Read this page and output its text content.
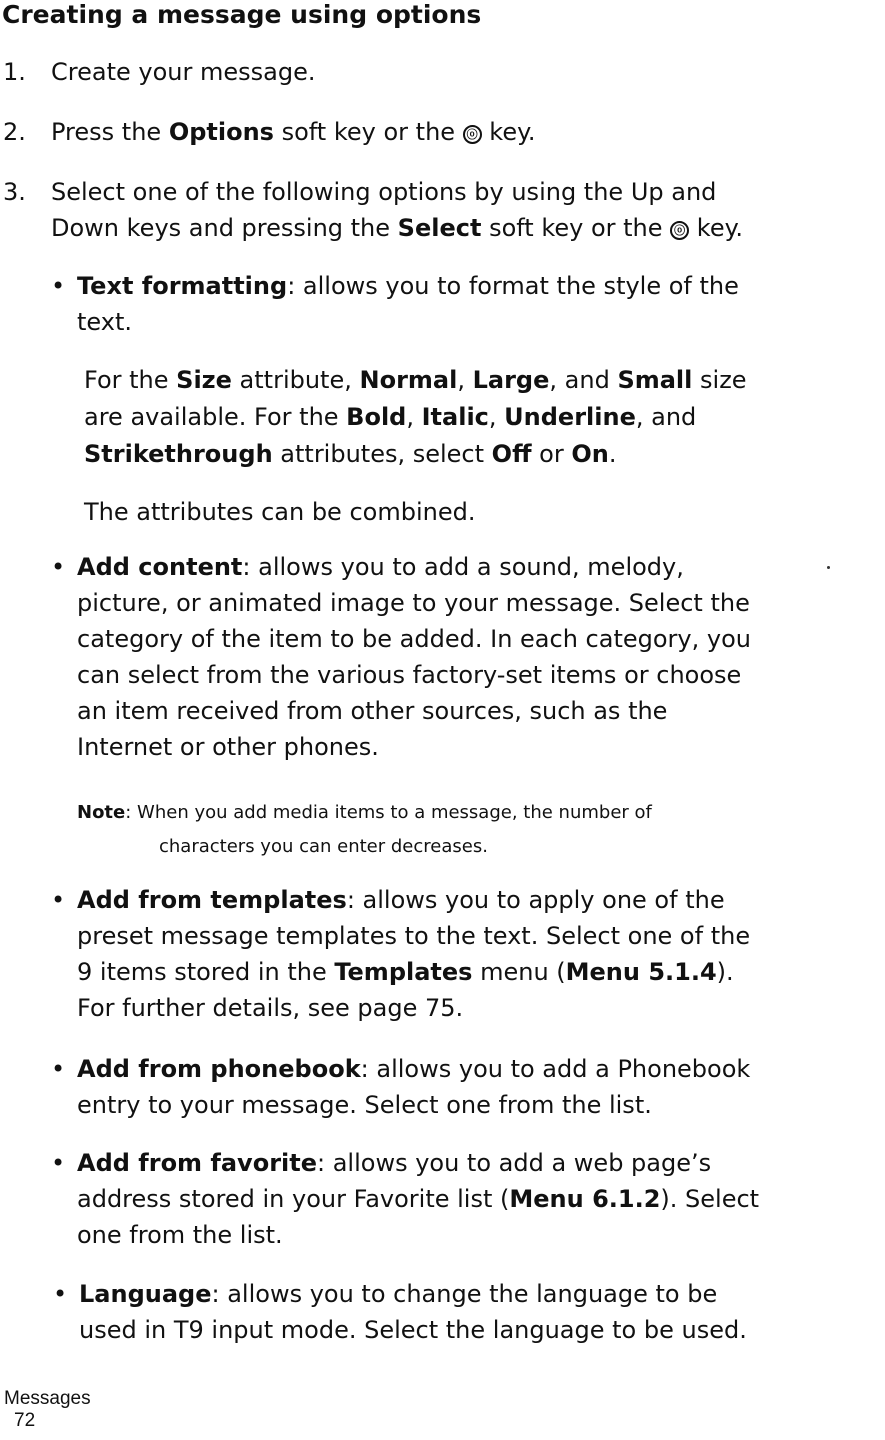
Creating a message using options
1. Create your message.
2. Press the Options soft key or the ⓞ key.
3. Select one of the following options by using the Up and
Down keys and pressing the Select soft key or the ⓞ key.
• Text formatting: allows you to format the style of the
text.
For the Size attribute, Normal, Large, and Small size
are available. For the Bold, Italic, Underline, and
Strikethrough attributes, select Off or On.
The attributes can be combined.
• Add content: allows you to add a sound, melody,
picture, or animated image to your message. Select the
category of the item to be added. In each category, you
can select from the various factory-set items or choose
an item received from other sources, such as the
Internet or other phones.
Note: When you add media items to a message, the number of
characters you can enter decreases.
• Add from templates: allows you to apply one of the
preset message templates to the text. Select one of the
9 items stored in the Templates menu (Menu 5.1.4).
For further details, see page 75.
• Add from phonebook: allows you to add a Phonebook
entry to your message. Select one from the list.
• Add from favorite: allows you to add a web page’s
address stored in your Favorite list (Menu 6.1.2). Select
one from the list.
• Language: allows you to change the language to be
used in T9 input mode. Select the language to be used.
Messages
72
